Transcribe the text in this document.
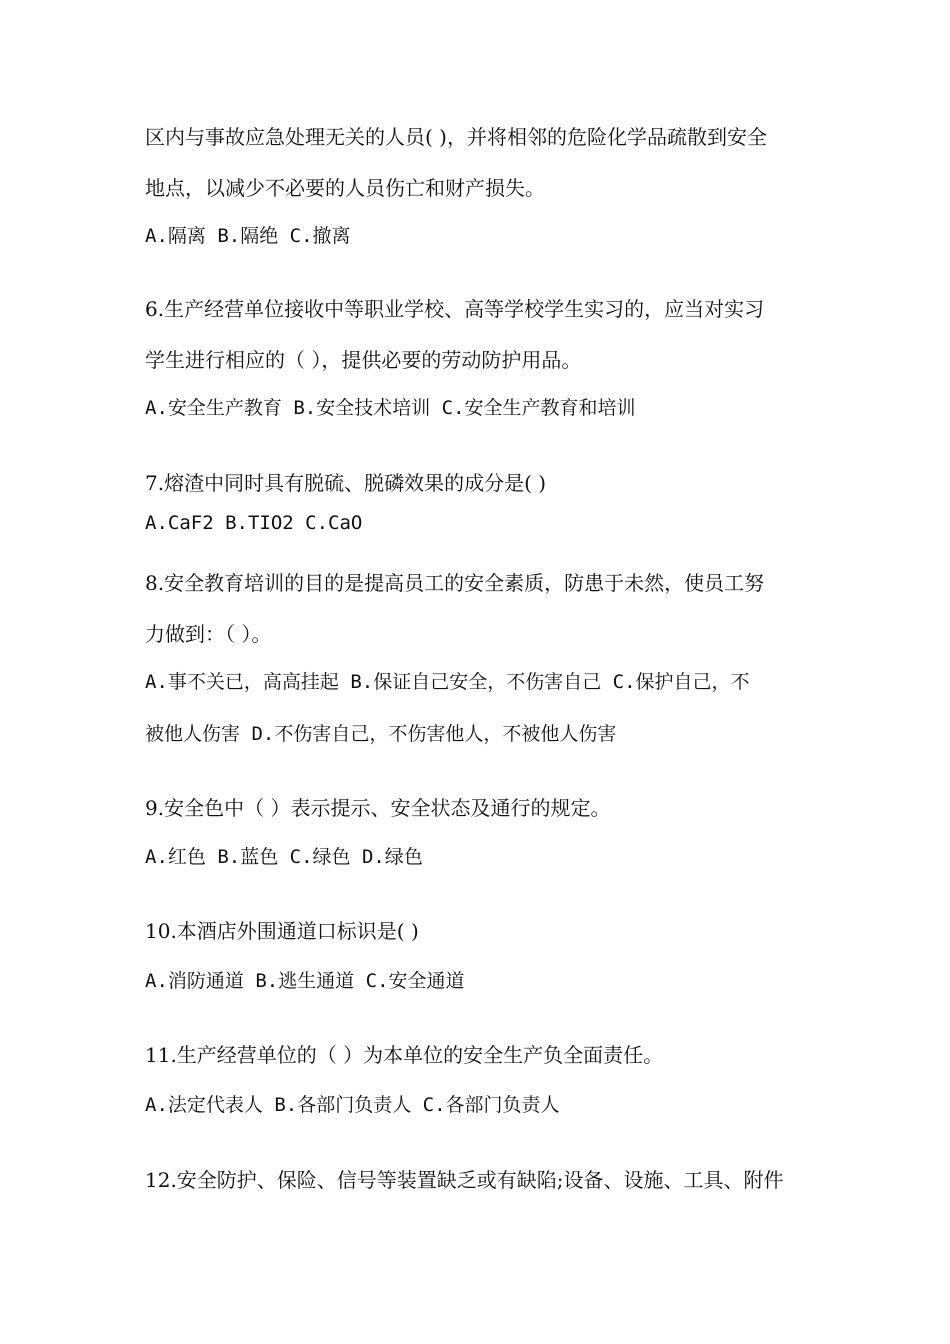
区内与事故应急处理无关的人员( )，并将相邻的危险化学品疏散到安全
地点，以减少不必要的人员伤亡和财产损失。
A.隔离 B.隔绝 C.撤离
6.生产经营单位接收中等职业学校、高等学校学生实习的，应当对实习
学生进行相应的（ ），提供必要的劳动防护用品。
A.安全生产教育 B.安全技术培训 C.安全生产教育和培训
7.熔渣中同时具有脱硫、脱磷效果的成分是( )
A.CaF2 B.TIO2 C.CaO
8.安全教育培训的目的是提高员工的安全素质，防患于未然，使员工努
力做到：（ ）。
A.事不关已，高高挂起 B.保证自己安全，不伤害自己 C.保护自己，不
被他人伤害 D.不伤害自己，不伤害他人，不被他人伤害
9.安全色中（ ）表示提示、安全状态及通行的规定。
A.红色 B.蓝色 C.绿色 D.绿色
10.本酒店外围通道口标识是( )
A.消防通道 B.逃生通道 C.安全通道
11.生产经营单位的（ ）为本单位的安全生产负全面责任。
A.法定代表人 B.各部门负责人 C.各部门负责人
12.安全防护、保险、信号等装置缺乏或有缺陷;设备、设施、工具、附件
